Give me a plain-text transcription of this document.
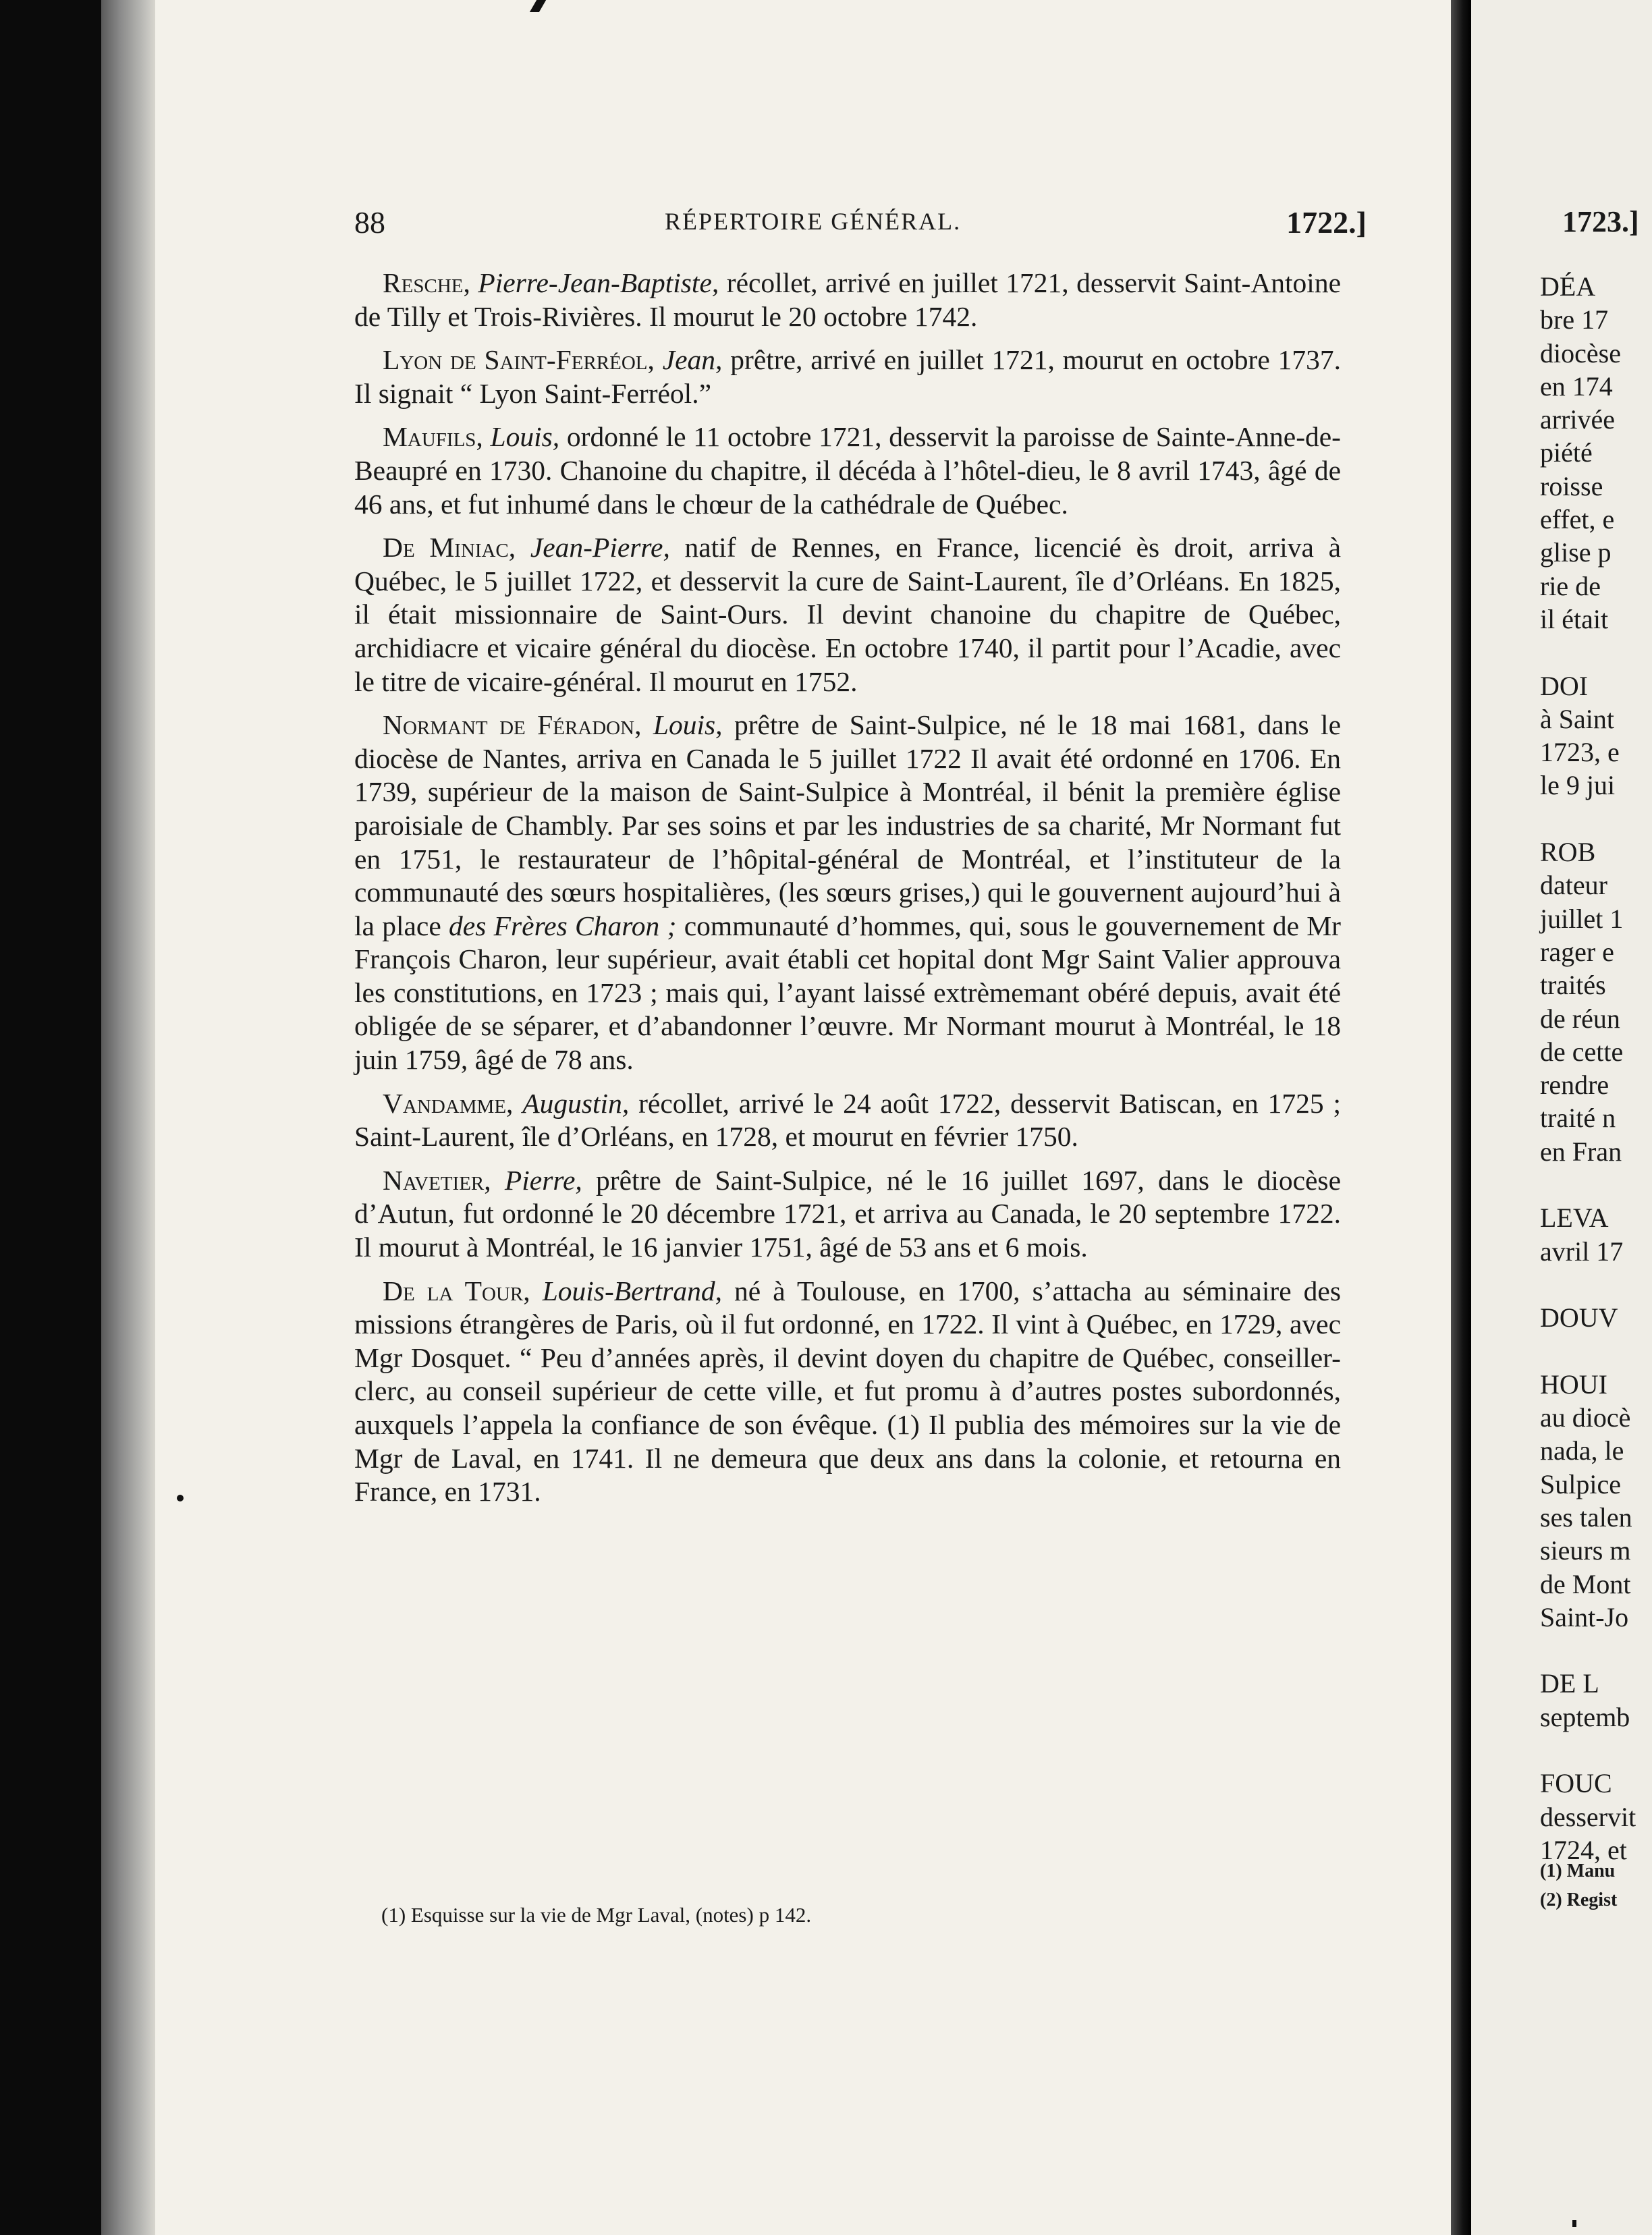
88	RÉPERTOIRE GÉNÉRAL.	1722.]

Resche, Pierre-Jean-Baptiste, récollet, arrivé en juillet 1721, desservit Saint-Antoine de Tilly et Trois-Rivières. Il mourut le 20 octobre 1742.

Lyon de Saint-Ferréol, Jean, prêtre, arrivé en juillet 1721, mourut en octobre 1737. Il signait “ Lyon Saint-Ferréol.”

Maufils, Louis, ordonné le 11 octobre 1721, desservit la paroisse de Sainte-Anne-de-Beaupré en 1730. Chanoine du chapitre, il décéda à l’hôtel-dieu, le 8 avril 1743, âgé de 46 ans, et fut inhumé dans le chœur de la cathédrale de Québec.

De Miniac, Jean-Pierre, natif de Rennes, en France, licencié ès droit, arriva à Québec, le 5 juillet 1722, et desservit la cure de Saint-Laurent, île d’Orléans. En 1825, il était missionnaire de Saint-Ours. Il devint chanoine du chapitre de Québec, archidiacre et vicaire général du diocèse. En octobre 1740, il partit pour l’Acadie, avec le titre de vicaire-général. Il mourut en 1752.

Normant de Féradon, Louis, prêtre de Saint-Sulpice, né le 18 mai 1681, dans le diocèse de Nantes, arriva en Canada le 5 juillet 1722 Il avait été ordonné en 1706. En 1739, supérieur de la maison de Saint-Sulpice à Montréal, il bénit la première église paroisiale de Chambly. Par ses soins et par les industries de sa charité, Mr Normant fut en 1751, le restaurateur de l’hôpital-général de Montréal, et l’instituteur de la communauté des sœurs hospitalières, (les sœurs grises,) qui le gouvernent aujourd’hui à la place des Frères Charon ; communauté d’hommes, qui, sous le gouvernement de Mr François Charon, leur supérieur, avait établi cet hopital dont Mgr Saint Valier approuva les constitutions, en 1723 ; mais qui, l’ayant laissé extrèmemant obéré depuis, avait été obligée de se séparer, et d’abandonner l’œuvre. Mr Normant mourut à Montréal, le 18 juin 1759, âgé de 78 ans.

Vandamme, Augustin, récollet, arrivé le 24 août 1722, desservit Batiscan, en 1725 ; Saint-Laurent, île d’Orléans, en 1728, et mourut en février 1750.

Navetier, Pierre, prêtre de Saint-Sulpice, né le 16 juillet 1697, dans le diocèse d’Autun, fut ordonné le 20 décembre 1721, et arriva au Canada, le 20 septembre 1722. Il mourut à Montréal, le 16 janvier 1751, âgé de 53 ans et 6 mois.

De la Tour, Louis-Bertrand, né à Toulouse, en 1700, s’attacha au séminaire des missions étrangères de Paris, où il fut ordonné, en 1722. Il vint à Québec, en 1729, avec Mgr Dosquet. “ Peu d’années après, il devint doyen du chapitre de Québec, conseiller-clerc, au conseil supérieur de cette ville, et fut promu à d’autres postes subordonnés, auxquels l’appela la confiance de son évêque. (1) Il publia des mémoires sur la vie de Mgr de Laval, en 1741. Il ne demeura que deux ans dans la colonie, et retourna en France, en 1731.

(1) Esquisse sur la vie de Mgr Laval, (notes) p 142.
1723.]
DÉA
bre 17
diocèse
en 174
arrivée
piété
roisse
effet, e
glise p
rie de
il était
DOI
à Saint
1723, e
le 9 jui
ROB
dateur
juillet 1
rager e
traités
de réun
de cette
rendre
traité n
en Fran
LEVA
avril 17
DOUV
HOUI
au diocè
nada, le
Sulpice
ses talen
sieurs m
de Mont
Saint-Jo
DE L
septemb
FOUC
desservit
1724, et
(1) Manu
(2) Regist
